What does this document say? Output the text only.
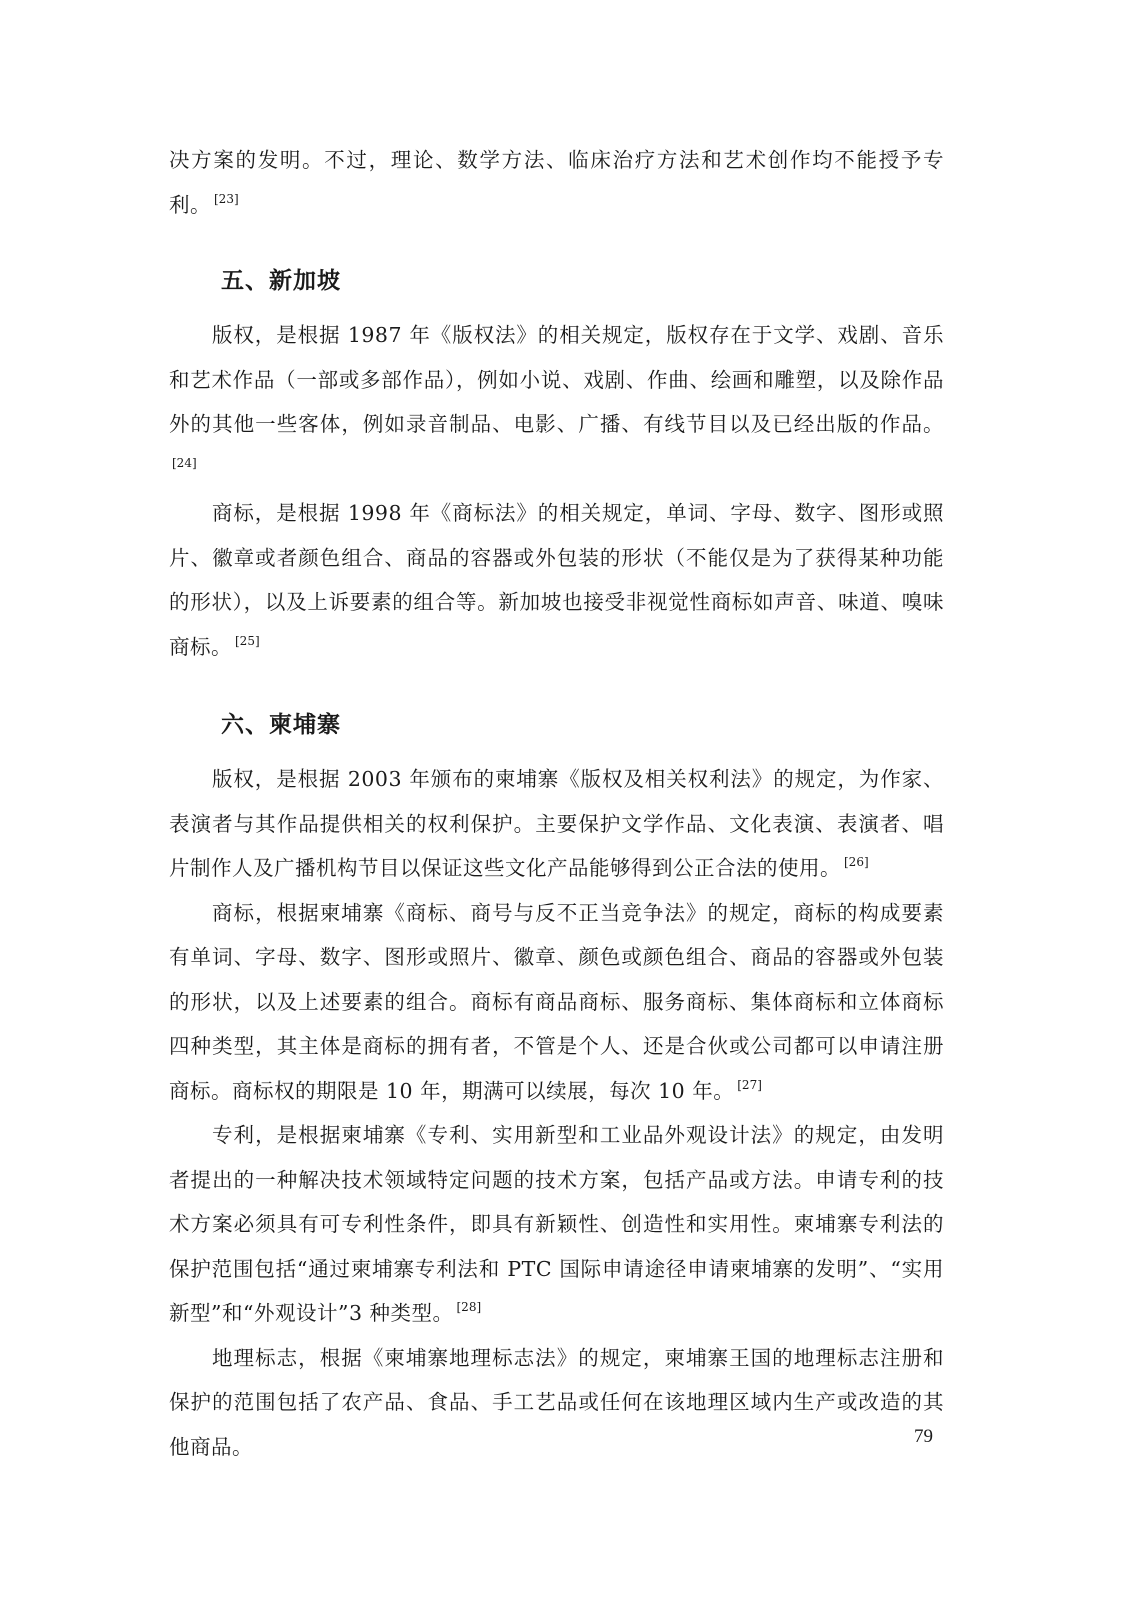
决方案的发明。不过，理论、数学方法、临床治疗方法和艺术创作均不能授予专利。 [23]

五、新加坡

版权，是根据 1987 年《版权法》的相关规定，版权存在于文学、戏剧、音乐和艺术作品（一部或多部作品），例如小说、戏剧、作曲、绘画和雕塑，以及除作品外的其他一些客体，例如录音制品、电影、广播、有线节目以及已经出版的作品。[24]

商标，是根据 1998 年《商标法》的相关规定，单词、字母、数字、图形或照片、徽章或者颜色组合、商品的容器或外包装的形状（不能仅是为了获得某种功能的形状），以及上诉要素的组合等。新加坡也接受非视觉性商标如声音、味道、嗅味商标。 [25]

六、柬埔寨

版权，是根据 2003 年颁布的柬埔寨《版权及相关权利法》的规定，为作家、表演者与其作品提供相关的权利保护。主要保护文学作品、文化表演、表演者、唱片制作人及广播机构节目以保证这些文化产品能够得到公正合法的使用。 [26]

商标，根据柬埔寨《商标、商号与反不正当竞争法》的规定，商标的构成要素有单词、字母、数字、图形或照片、徽章、颜色或颜色组合、商品的容器或外包装的形状，以及上述要素的组合。商标有商品商标、服务商标、集体商标和立体商标四种类型，其主体是商标的拥有者，不管是个人、还是合伙或公司都可以申请注册商标。商标权的期限是 10 年，期满可以续展，每次 10 年。 [27]

专利，是根据柬埔寨《专利、实用新型和工业品外观设计法》的规定，由发明者提出的一种解决技术领域特定问题的技术方案，包括产品或方法。申请专利的技术方案必须具有可专利性条件，即具有新颖性、创造性和实用性。柬埔寨专利法的保护范围包括“通过柬埔寨专利法和 PTC 国际申请途径申请柬埔寨的发明”、“实用新型”和“外观设计”3 种类型。 [28]

地理标志，根据《柬埔寨地理标志法》的规定，柬埔寨王国的地理标志注册和保护的范围包括了农产品、食品、手工艺品或任何在该地理区域内生产或改造的其他商品。	79
